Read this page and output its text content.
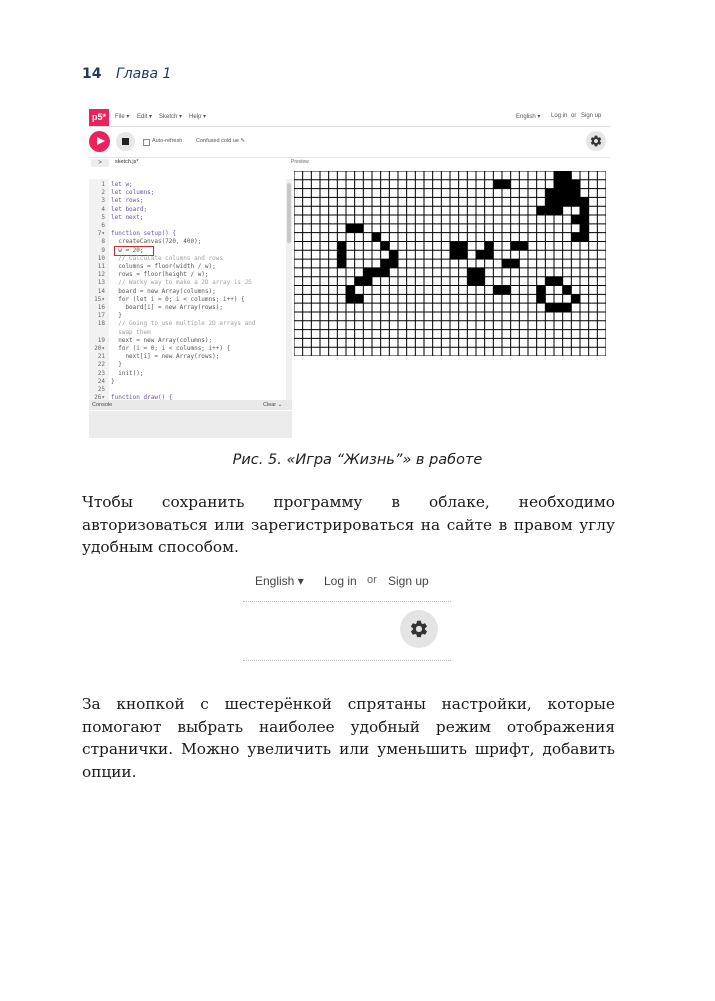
14 Глава 1
p5*	File ▾ Edit ▾ Sketch ▾ Help ▾	English ▾ Log in or Sign up
Auto-refresh Confused cold ue ✎
>	sketch.js*	Preview
Console	Clear ⌄
1 let w;
2 let columns;
3 let rows;
4 let board;
5 let next;
6
7▾ function setup() {
8 createCanvas(720, 400);
9 w = 20;
10 // Calculate columns and rows
11 columns = floor(width / w);
12 rows = floor(height / w);
13 // Wacky way to make a 2D array is JS
14 board = new Array(columns);
15▾ for (let i = 0; i < columns; i++) {
16 board[i] = new Array(rows);
17 }
18 // Going to use multiple 2D arrays and
swap them
19 next = new Array(columns);
20▾ for (i = 0; i < columns; i++) {
21 next[i] = new Array(rows);
22 }
23 init();
24 }
25
26▾ function draw() {
Рис. 5. «Игра “Жизнь”» в работе
Чтобы сохранить программу в облаке, необходимо авторизоваться или зарегистрироваться на сайте в правом углу удобным способом.
English ▾ Log in or Sign up
За кнопкой с шестерёнкой спрятаны настройки, которые помогают выбрать наиболее удобный режим отображения странички. Можно увеличить или уменьшить шрифт, добавить опции.
